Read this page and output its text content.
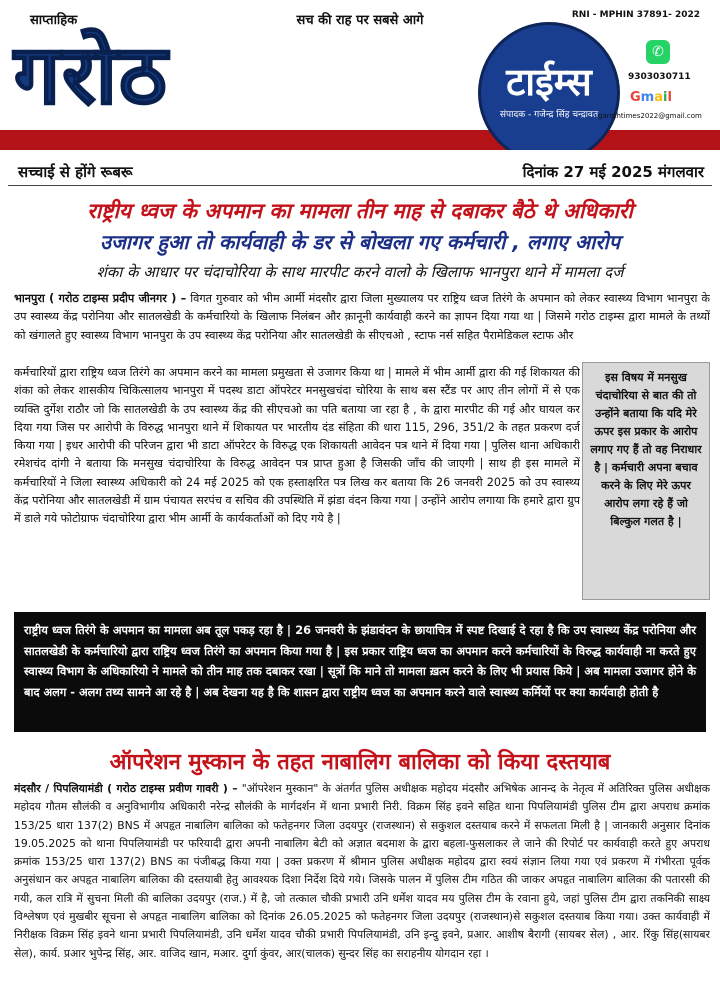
साप्ताहिक	सच की राह पर सबसे आगे	RNI - MPHIN 37891- 2022
गरोठ	टाईम्स
संपादक - गजेन्द्र सिंह चन्द्रावत
✆
9303030711
Gmail
garothtimes2022@gmail.com
सच्चाई से होंगे रूबरू	दिनांक 27 मई 2025 मंगलवार
राष्ट्रीय ध्वज के अपमान का मामला तीन माह से दबाकर बैठे थे अधिकारी
उजागर हुआ तो कार्यवाही के डर से बोखला गए कर्मचारी , लगाए आरोप
शंका के आधार पर चंदाचोरिया के साथ मारपीट करने वालो के खिलाफ भानपुरा थाने में मामला दर्ज
भानपुरा ( गरोठ टाइम्स प्रदीप जीनगर ) – विगत गुरुवार को भीम आर्मी मंदसौर द्वारा जिला मुख्यालय पर राष्ट्रिय ध्वज तिरंगे के अपमान को लेकर स्वास्थ्य विभाग भानपुरा के उप स्वास्थ्य केंद्र परोनिया और सातलखेडी के कर्मचारियो के खिलाफ निलंबन और क़ानूनी कार्यवाही करने का ज्ञापन दिया गया था | जिसमे गरोठ टाइम्स द्वारा मामले के तथ्यों को खंगालते हुए स्वास्थ्य विभाग भानपुरा के उप स्वास्थ्य केंद्र परोनिया और सातलखेडी के सीएचओ , स्टाफ नर्स सहित पैरामेडिकल स्टाफ और
कर्मचारियों द्वारा राष्ट्रिय ध्वज तिरंगे का अपमान करने का मामला प्रमुखता से उजागर किया था | मामले में भीम आर्मी द्वारा की गई शिकायत की शंका को लेकर शासकीय चिकित्सालय भानपुरा में पदस्थ डाटा ऑपरेटर मनसुखचंदा चोरिया के साथ बस स्टैंड पर आए तीन लोगों में से एक व्यक्ति दुर्गेश राठौर जो कि सातलखेडी के उप स्वास्थ्य केंद्र की सीएचओ का पति बताया जा रहा है , के द्वारा मारपीट की गई और घायल कर दिया गया जिस पर आरोपी के विरुद्ध भानपुरा थाने में शिकायत पर भारतीय दंड संहिता की धारा 115, 296, 351/2 के तहत प्रकरण दर्ज किया गया | इधर आरोपी की परिजन द्वारा भी डाटा ऑपरेटर के विरुद्ध एक शिकायती आवेदन पत्र थाने में दिया गया | पुलिस थाना अधिकारी रमेशचंद दांगी ने बताया कि मनसुख चंदाचोरिया के विरुद्ध आवेदन पत्र प्राप्त हुआ है जिसकी जाँच की जाएगी | साथ ही इस मामले में कर्मचारियों ने जिला स्वास्थ्य अधिकारी को 24 मई 2025 को एक हस्ताक्षरित पत्र लिख कर बताया कि 26 जनवरी 2025 को उप स्वास्थ्य केंद्र परोनिया और सातलखेडी में ग्राम पंचायत सरपंच व सचिव की उपस्थिति में झंडा वंदन किया गया | उन्होंने आरोप लगाया कि हमारे द्वारा ग्रुप में डाले गये फोटोग्राफ चंदाचोरिया द्वारा भीम आर्मी के कार्यकर्ताओं को दिए गये है |
इस विषय में मनसुख चंदाचोरिया से बात की तो उन्होंने बताया कि यदि मेरे ऊपर इस प्रकार के आरोप लगाए गए हैं तो वह निराधार है | कर्मचारी अपना बचाव करने के लिए मेरे ऊपर आरोप लगा रहे हैं जो बिल्कुल गलत है |
राष्ट्रीय ध्वज तिरंगे के अपमान का मामला अब तूल पकड़ रहा है | 26 जनवरी के झंडावंदन के छायाचित्र में स्पष्ट दिखाई दे रहा है कि उप स्वास्थ्य केंद्र परोनिया और सातलखेडी के कर्मचारियो द्वारा राष्ट्रिय ध्वज तिरंगे का अपमान किया गया है | इस प्रकार राष्ट्रिय ध्वज का अपमान करने कर्मचारियों के विरुद्ध कार्यवाही ना करते हुए स्वास्थ्य विभाग के अधिकारियो ने मामले को तीन माह तक दबाकर रखा | सूत्रों कि माने तो मामला ख़त्म करने के लिए भी प्रयास किये | अब मामला उजागर होने के बाद अलग - अलग तथ्य सामने आ रहे है | अब देखना यह है कि शासन द्वारा राष्ट्रीय ध्वज का अपमान करने वाले स्वास्थ्य कर्मियों पर क्या कार्यवाही होती है
ऑपरेशन मुस्कान के तहत नाबालिग बालिका को किया दस्तयाब
मंदसौर / पिपलियामंडी ( गरोठ टाइम्स प्रवीण गावरी ) – "ऑपरेशन मुस्कान" के अंतर्गत पुलिस अधीक्षक महोदय मंदसौर अभिषेक आनन्द के नेतृत्व में अतिरिक्त पुलिस अधीक्षक महोदय गौतम सौलंकी व अनुविभागीय अधिकारी नरेन्द्र सौलंकी के मार्गदर्शन में थाना प्रभारी निरी. विक्रम सिंह इवने सहित थाना पिपलियामंडी पुलिस टीम द्वारा अपराध क्रमांक 153/25 धारा 137(2) BNS में अपहृत नाबालिग बालिका को फतेहनगर जिला उदयपुर (राजस्थान) से सकुशल दस्तयाब करने में सफलता मिली है | जानकारी अनुसार दिनांक 19.05.2025 को थाना पिपलियामंडी पर फरियादी द्वारा अपनी नाबालिग बेटी को अज्ञात बदमाश के द्वारा बहला-फुसलाकर ले जाने की रिपोर्ट पर कार्यवाही करते हुए अपराध क्रमांक 153/25 धारा 137(2) BNS का पंजीबद्ध किया गया | उक्त प्रकरण में श्रीमान पुलिस अधीक्षक महोदय द्वारा स्वयं संज्ञान लिया गया एवं प्रकरण में गंभीरता पूर्वक अनुसंधान कर अपहृत नाबालिग बालिका की दस्तयाबी हेतु आवश्यक दिशा निर्देश दिये गये। जिसके पालन में पुलिस टीम गठित की जाकर अपहृत नाबालिग बालिका की पतारसी की गयी, कल रात्रि में सुचना मिली की बालिका उदयपुर (राज.) में है, जो तत्काल चौकी प्रभारी उनि धर्मेश यादव मय पुलिस टीम के रवाना हुये, जहां पुलिस टीम द्वारा तकनिकी साक्ष्य विश्लेषण एवं मुखबीर सूचना से अपहृत नाबालिग बालिका को दिनांक 26.05.2025 को फतेहनगर जिला उदयपुर (राजस्थान)से सकुशल दस्तयाब किया गया। उक्त कार्यवाही में निरीक्षक विक्रम सिंह इवने थाना प्रभारी पिपलियामंडी, उनि धर्मेश यादव चौकी प्रभारी पिपलियामंडी, उनि इन्दु इवने, प्रआर. आशीष बैरागी (सायबर सेल) , आर. रिंकु सिंह(सायबर सेल), कार्य. प्रआर भुपेन्द्र सिंह, आर. वाजिद खान, मआर. दुर्गा कुंवर, आर(चालक) सुन्दर सिंह का सराहनीय योगदान रहा ।
